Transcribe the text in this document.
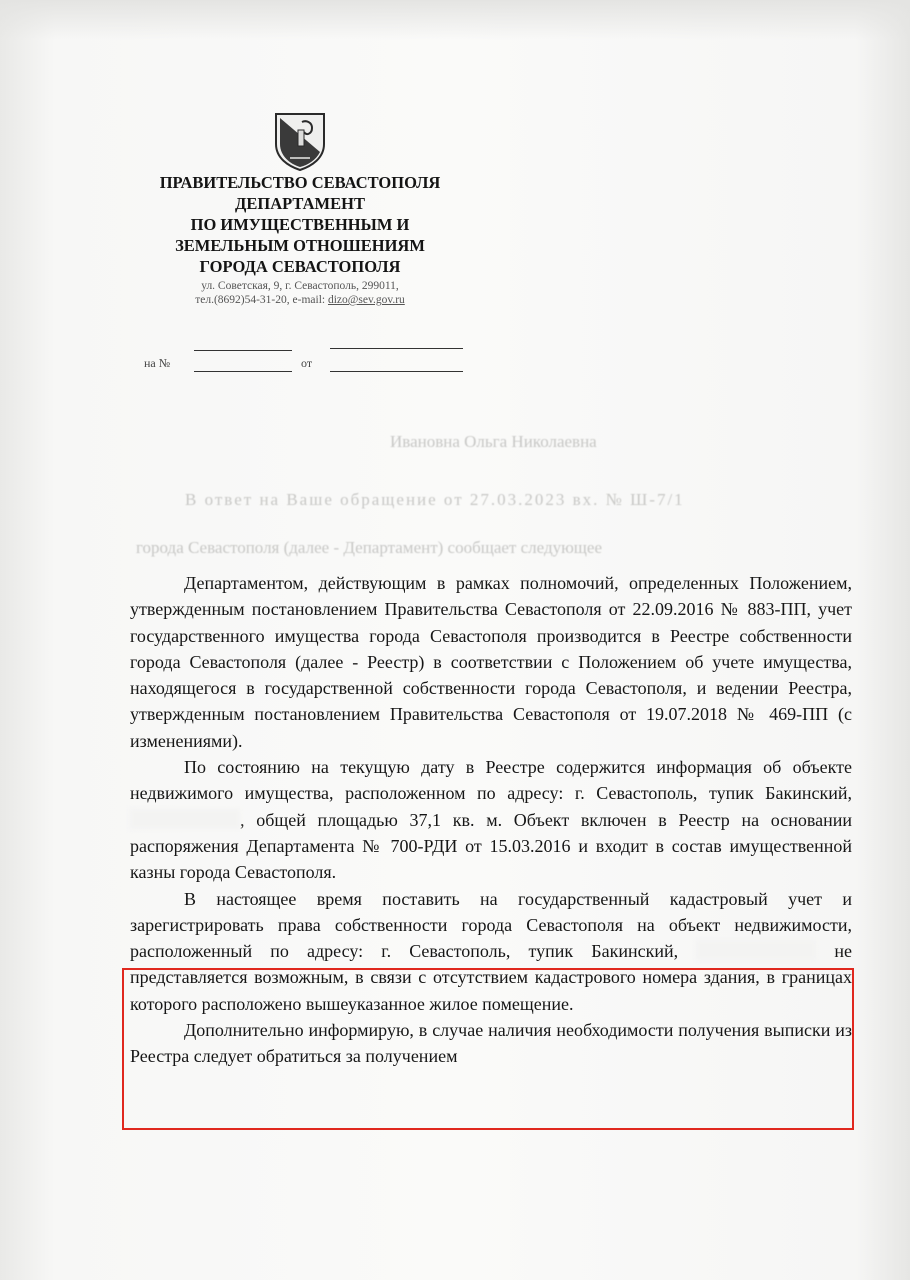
ПРАВИТЕЛЬСТВО СЕВАСТОПОЛЯ
ДЕПАРТАМЕНТ
ПО ИМУЩЕСТВЕННЫМ И
ЗЕМЕЛЬНЫМ ОТНОШЕНИЯМ
ГОРОДА СЕВАСТОПОЛЯ
ул. Советская, 9, г. Севастополь, 299011,
тел.(8692)54-31-20, e-mail: dizo@sev.gov.ru
на №	от
Ивановна Ольга Николаевна
В ответ на Ваше обращение от 27.03.2023 вх. № Ш-7/1
города Севастополя (далее - Департамент) сообщает следующее

Департаментом, действующим в рамках полномочий, определенных Положением, утвержденным постановлением Правительства Севастополя от 22.09.2016 № 883-ПП, учет государственного имущества города Севастополя производится в Реестре собственности города Севастополя (далее - Реестр) в соответствии с Положением об учете имущества, находящегося в государственной собственности города Севастополя, и ведении Реестра, утвержденным постановлением Правительства Севастополя от 19.07.2018 № 469-ПП (с изменениями).

По состоянию на текущую дату в Реестре содержится информация об объекте недвижимого имущества, расположенном по адресу: г. Севастополь, тупик Бакинский, , общей площадью 37,1 кв. м. Объект включен в Реестр на основании распоряжения Департамента № 700-РДИ от 15.03.2016 и входит в состав имущественной казны города Севастополя.

В настоящее время поставить на государственный кадастровый учет и зарегистрировать права собственности города Севастополя на объект недвижимости, расположенный по адресу: г. Севастополь, тупик Бакинский,	не представляется возможным, в связи с отсутствием кадастрового номера здания, в границах которого расположено вышеуказанное жилое помещение.

Дополнительно информирую, в случае наличия необходимости получения выписки из Реестра следует обратиться за получением
